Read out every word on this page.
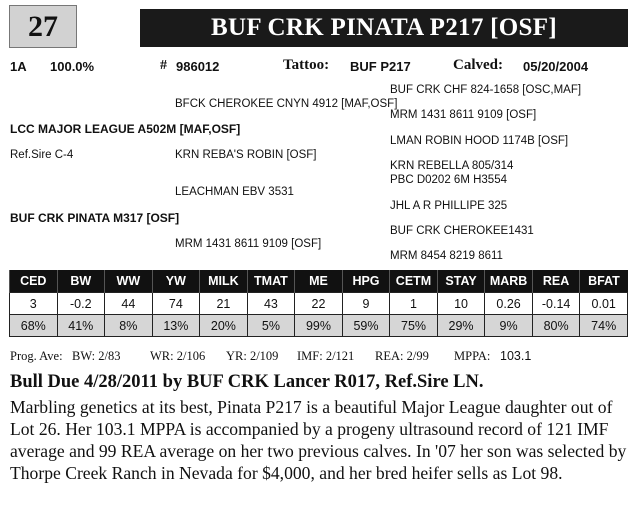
27	BUF CRK PINATA P217 [OSF]
1A 100.0%	# 986012	Tattoo: BUF P217	Calved: 05/20/2004
BUF CRK CHF 824-1658 [OSC,MAF]
BFCK CHEROKEE CNYN 4912 [MAF,OSF]
MRM 1431 8611 9109 [OSF]
LCC MAJOR LEAGUE A502M [MAF,OSF]
LMAN ROBIN HOOD 1174B [OSF]
Ref.Sire C-4	KRN REBA'S ROBIN [OSF]
KRN REBELLA 805/314
PBC D0202 6M H3554
LEACHMAN EBV 3531
JHL A R PHILLIPE 325
BUF CRK PINATA M317 [OSF]
BUF CRK CHEROKEE1431
MRM 1431 8611 9109 [OSF]
MRM 8454 8219 8611
CED	BW	WW	YW	MILK	TMAT	ME	HPG	CETM	STAY	MARB	REA	BFAT
3	-0.2	44	74	21	43	22	9	1	10	0.26	-0.14	0.01
68%	41%	8%	13%	20%	5%	99%	59%	75%	29%	9%	80%	74%
Prog. Ave: BW: 2/83 WR: 2/106 YR: 2/109 IMF: 2/121 REA: 2/99 MPPA: 103.1
Bull Due 4/28/2011 by BUF CRK Lancer R017, Ref.Sire LN.
Marbling genetics at its best, Pinata P217 is a beautiful Major League daughter out of Lot 26. Her 103.1 MPPA is accompanied by a progeny ultrasound record of 121 IMF average and 99 REA average on her two previous calves. In '07 her son was selected by Thorpe Creek Ranch in Nevada for $4,000, and her bred heifer sells as Lot 98.
